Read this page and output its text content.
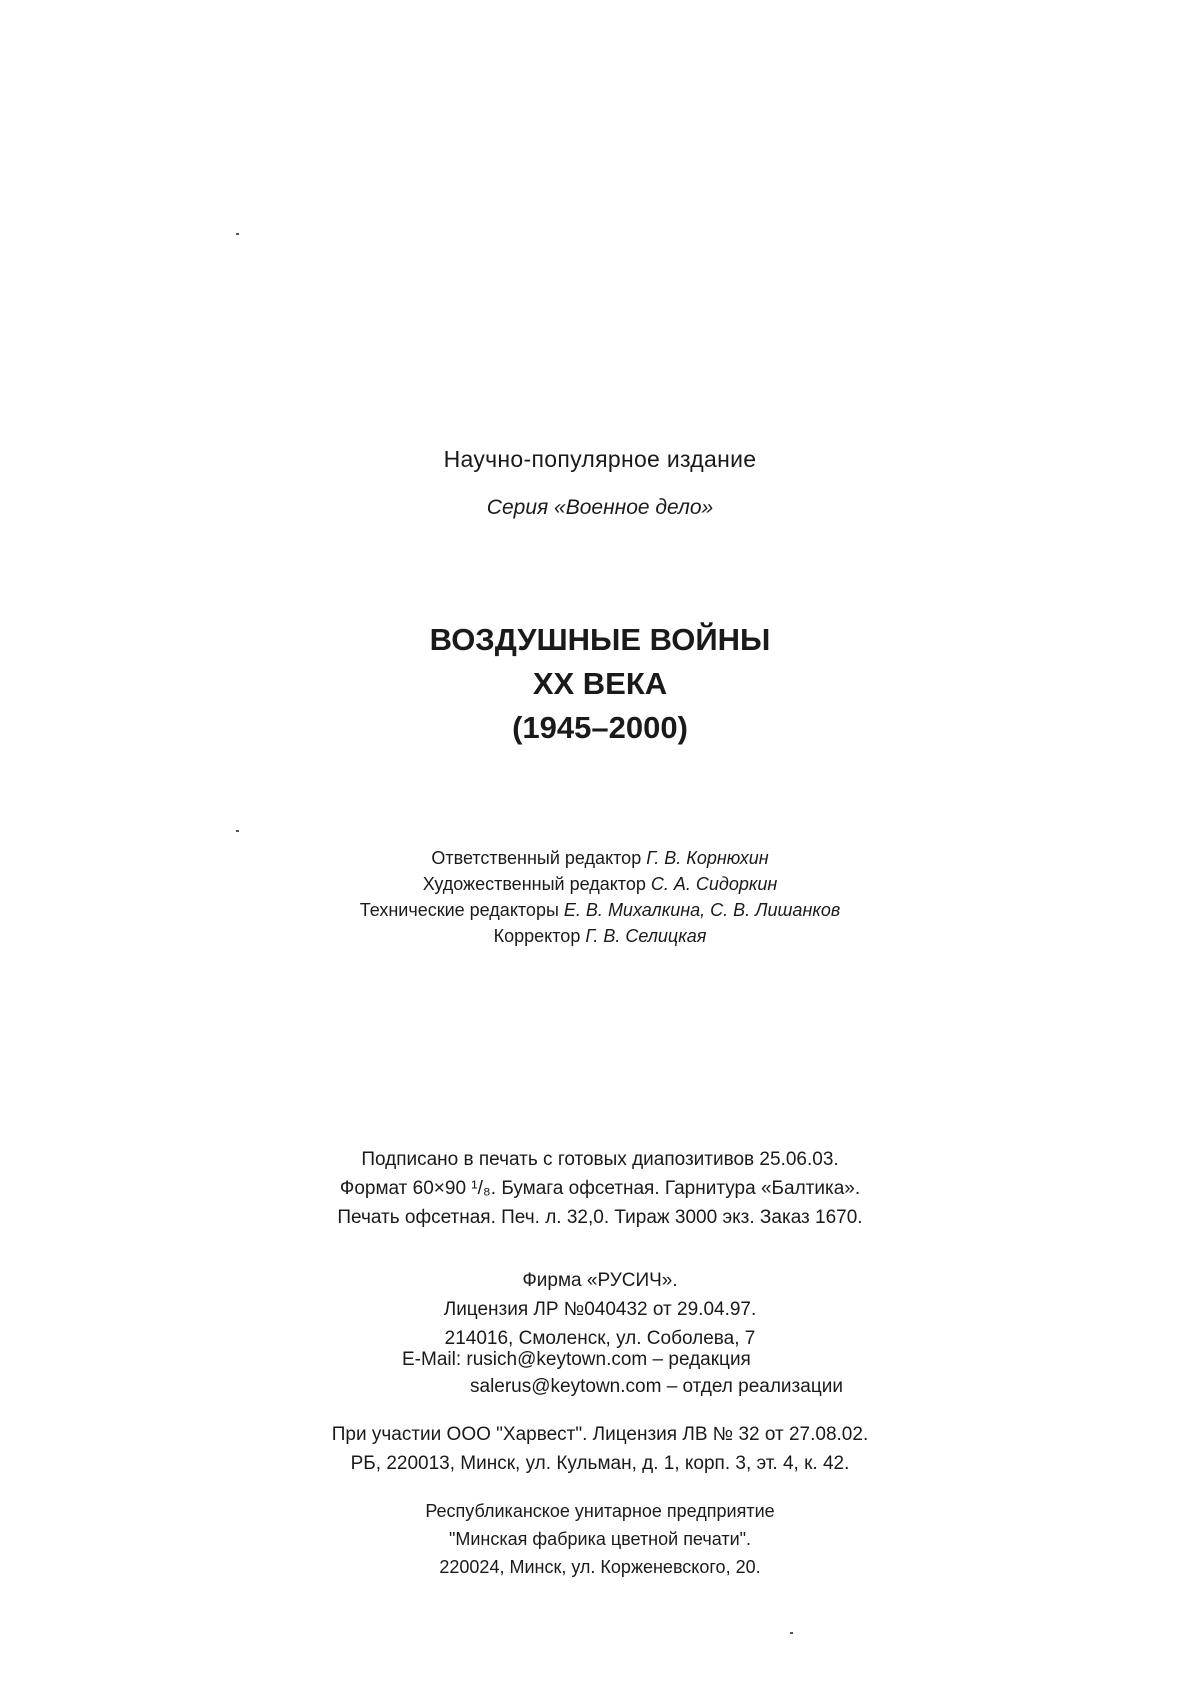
Научно-популярное издание
Серия «Военное дело»
ВОЗДУШНЫЕ ВОЙНЫ
XX ВЕКА
(1945–2000)
Ответственный редактор Г. В. Корнюхин
Художественный редактор С. А. Сидоркин
Технические редакторы Е. В. Михалкина, С. В. Лишанков
Корректор Г. В. Селицкая
Подписано в печать с готовых диапозитивов 25.06.03.
Формат 60×90 ¹/₈. Бумага офсетная. Гарнитура «Балтика».
Печать офсетная. Печ. л. 32,0. Тираж 3000 экз. Заказ 1670.
Фирма «РУСИЧ».
Лицензия ЛР №040432 от 29.04.97.
214016, Смоленск, ул. Соболева, 7
E-Mail: rusich@keytown.com – редакция
salerus@keytown.com – отдел реализации
При участии ООО "Харвест". Лицензия ЛВ № 32 от 27.08.02.
РБ, 220013, Минск, ул. Кульман, д. 1, корп. 3, эт. 4, к. 42.
Республиканское унитарное предприятие
"Минская фабрика цветной печати".
220024, Минск, ул. Корженевского, 20.
